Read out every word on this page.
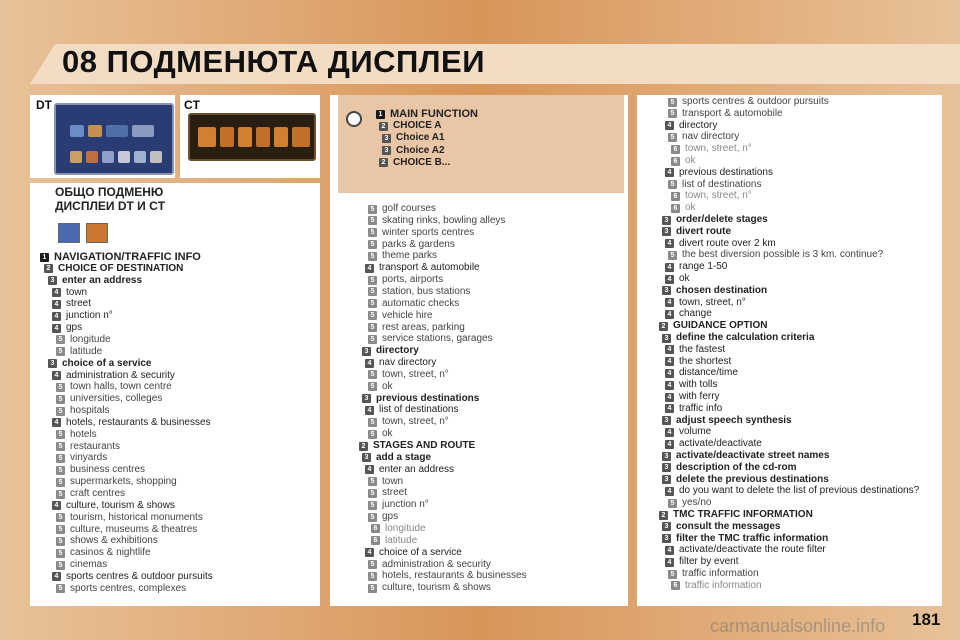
08 ПОДМЕНЮТА ДИСПЛЕИ
DT	CT
ОБЩО ПОДМЕНЮ
ДИСПЛЕИ DT И CT
1 NAVIGATION/TRAFFIC INFO
2 CHOICE OF DESTINATION
3 enter an address
4 town
4 street
4 junction n°
4 gps
5 longitude
5 latitude
3 choice of a service
4 administration & security
5 town halls, town centre
5 universities, colleges
5 hospitals
4 hotels, restaurants & businesses
5 hotels
5 restaurants
5 vinyards
5 business centres
5 supermarkets, shopping
5 craft centres
4 culture, tourism & shows
5 tourism, historical monuments
5 culture, museums & theatres
5 shows & exhibitions
5 casinos & nightlife
5 cinemas
4 sports centres & outdoor pursuits
5 sports centres, complexes
1 MAIN FUNCTION
2 CHOICE A
3 Choice A1
3 Choice A2
2 CHOICE B...
5 golf courses
5 skating rinks, bowling alleys
5 winter sports centres
5 parks & gardens
5 theme parks
4 transport & automobile
5 ports, airports
5 station, bus stations
5 automatic checks
5 vehicle hire
5 rest areas, parking
5 service stations, garages
3 directory
4 nav directory
5 town, street, n°
5 ok
3 previous destinations
4 list of destinations
5 town, street, n°
5 ok
2 STAGES AND ROUTE
3 add a stage
4 enter an address
5 town
5 street
5 junction n°
5 gps
6 longitude
6 latitude
4 choice of a service
5 administration & security
5 hotels, restaurants & businesses
5 culture, tourism & shows
5 sports centres & outdoor pursuits
5 transport & automobile
4 directory
5 nav directory
6 town, street, n°
6 ok
4 previous destinations
5 list of destinations
6 town, street, n°
6 ok
3 order/delete stages
3 divert route
4 divert route over 2 km
5 the best diversion possible is 3 km. continue?
4 range 1-50
4 ok
3 chosen destination
4 town, street, n°
4 change
2 GUIDANCE OPTION
3 define the calculation criteria
4 the fastest
4 the shortest
4 distance/time
4 with tolls
4 with ferry
4 traffic info
3 adjust speech synthesis
4 volume
4 activate/deactivate
3 activate/deactivate street names
3 description of the cd-rom
3 delete the previous destinations
4 do you want to delete the list of previous destinations?
5 yes/no
2 TMC TRAFFIC INFORMATION
3 consult the messages
3 filter the TMC traffic information
4 activate/deactivate the route filter
4 filter by event
5 traffic information
6 traffic information
181
carmanualsonline.info
